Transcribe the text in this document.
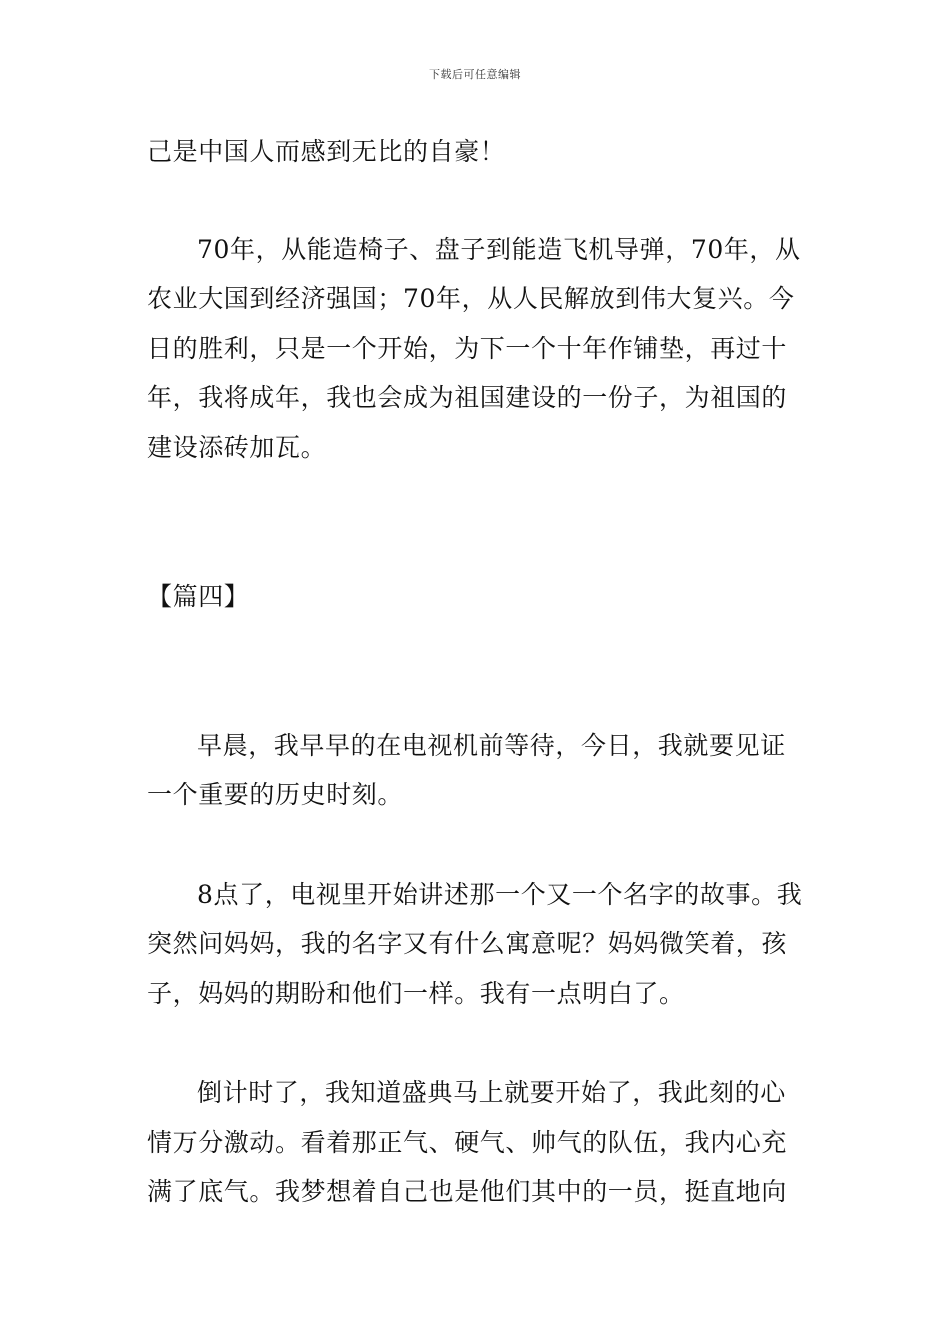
下载后可任意编辑
己是中国人而感到无比的自豪！
70年，从能造椅子、盘子到能造飞机导弹，70年，从
农业大国到经济强国；70年，从人民解放到伟大复兴。今
日的胜利，只是一个开始，为下一个十年作铺垫，再过十
年，我将成年，我也会成为祖国建设的一份子，为祖国的
建设添砖加瓦。
【篇四】
早晨，我早早的在电视机前等待，今日，我就要见证
一个重要的历史时刻。
8点了，电视里开始讲述那一个又一个名字的故事。我
突然问妈妈，我的名字又有什么寓意呢？妈妈微笑着，孩
子，妈妈的期盼和他们一样。我有一点明白了。
倒计时了，我知道盛典马上就要开始了，我此刻的心
情万分激动。看着那正气、硬气、帅气的队伍，我内心充
满了底气。我梦想着自己也是他们其中的一员，挺直地向
